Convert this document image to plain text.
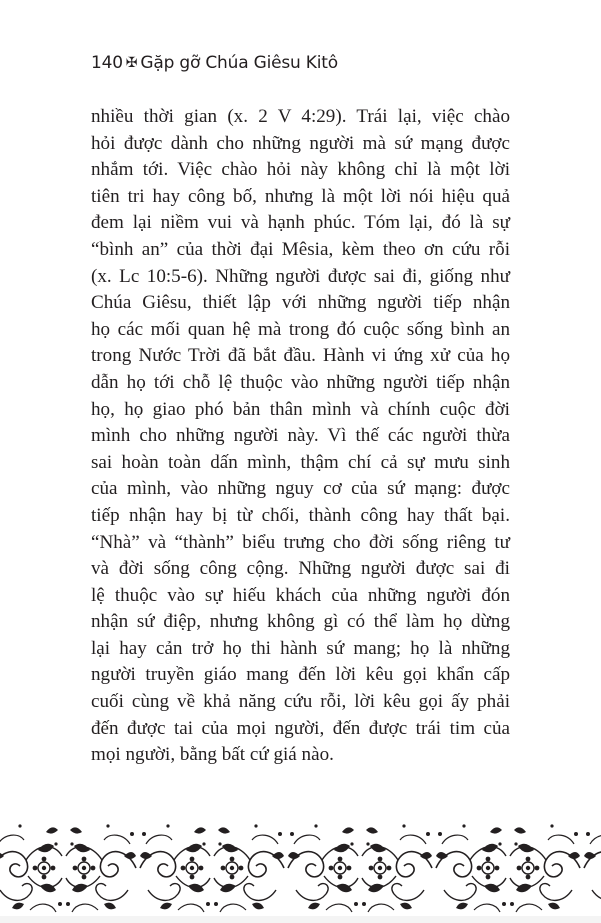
140 ✠ Gặp gỡ Chúa Giêsu Kitô

nhiều thời gian (x. 2 V 4:29). Trái lại, việc chào
hỏi được dành cho những người mà sứ mạng được
nhắm tới. Việc chào hỏi này không chỉ là một lời
tiên tri hay công bố, nhưng là một lời nói hiệu quả
đem lại niềm vui và hạnh phúc. Tóm lại, đó là sự
“bình an” của thời đại Mêsia, kèm theo ơn cứu rỗi
(x. Lc 10:5-6). Những người được sai đi, giống như
Chúa Giêsu, thiết lập với những người tiếp nhận
họ các mối quan hệ mà trong đó cuộc sống bình an
trong Nước Trời đã bắt đầu. Hành vi ứng xử của họ
dẫn họ tới chỗ lệ thuộc vào những người tiếp nhận
họ, họ giao phó bản thân mình và chính cuộc đời
mình cho những người này. Vì thế các người thừa
sai hoàn toàn dấn mình, thậm chí cả sự mưu sinh
của mình, vào những nguy cơ của sứ mạng: được
tiếp nhận hay bị từ chối, thành công hay thất bại.
“Nhà” và “thành” biểu trưng cho đời sống riêng tư
và đời sống công cộng. Những người được sai đi
lệ thuộc vào sự hiếu khách của những người đón
nhận sứ điệp, nhưng không gì có thể làm họ dừng
lại hay cản trở họ thi hành sứ mang; họ là những
người truyền giáo mang đến lời kêu gọi khẩn cấp
cuối cùng về khả năng cứu rỗi, lời kêu gọi ấy phải
đến được tai của mọi người, đến được trái tim của
mọi người, bằng bất cứ giá nào.
